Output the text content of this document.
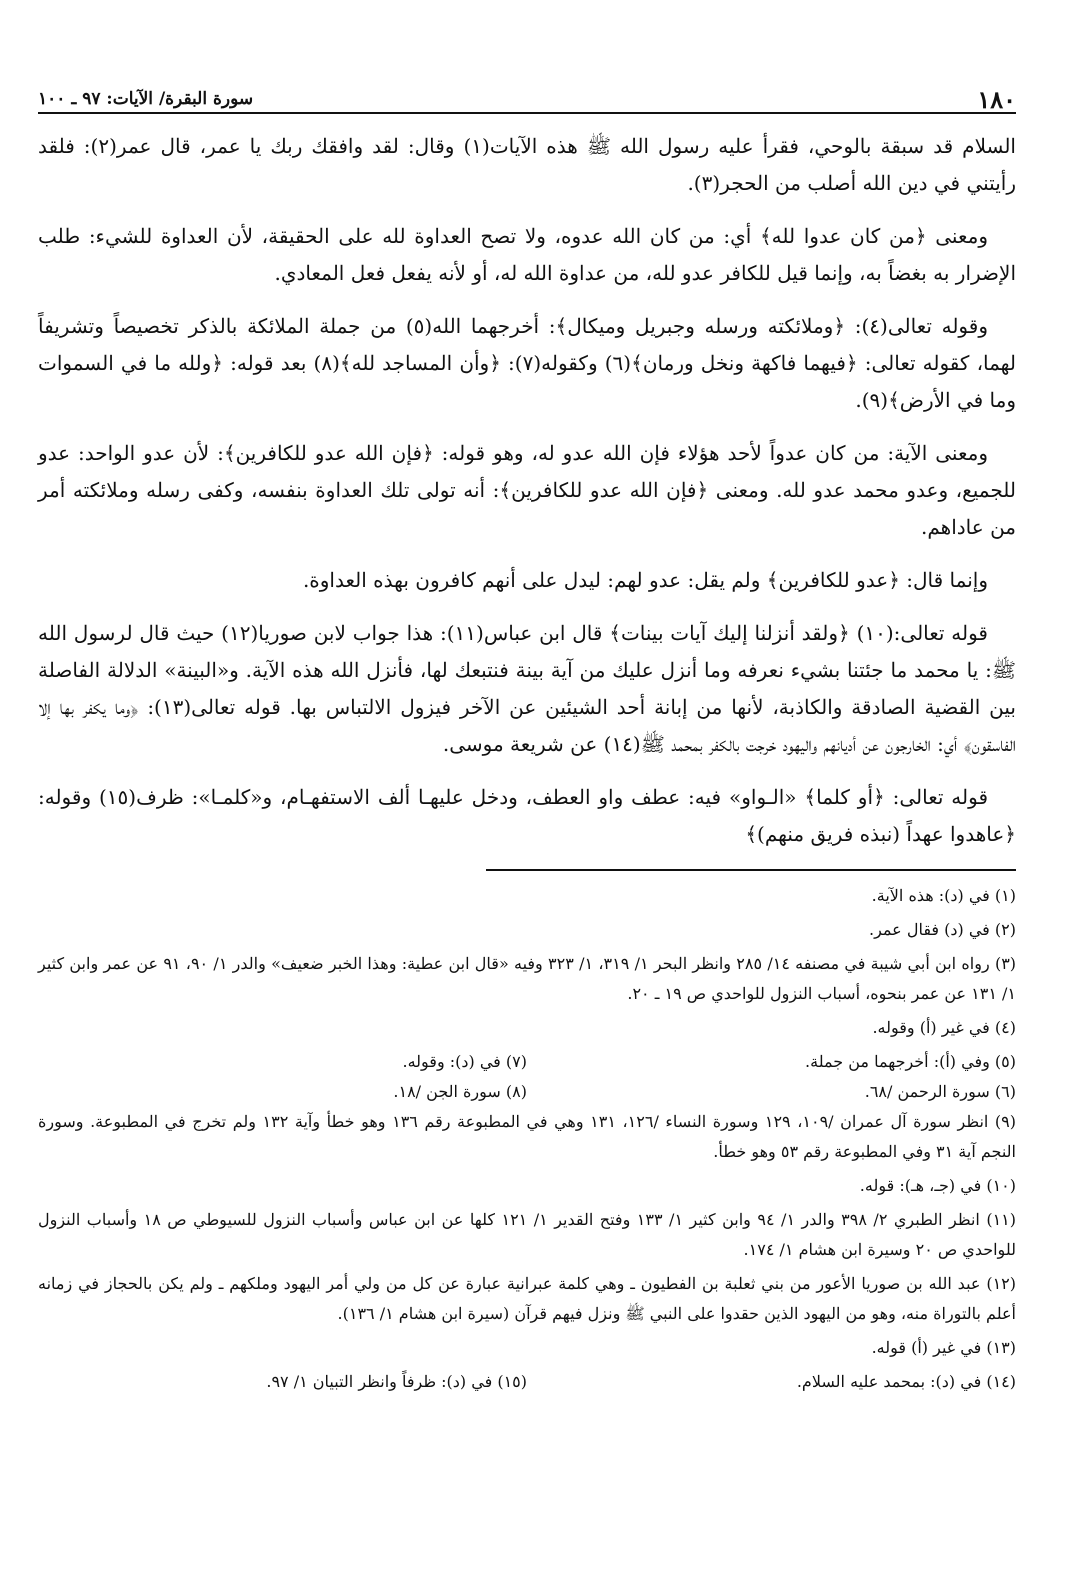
١٨٠
سورة البقرة/ الآيات: ٩٧ ـ ١٠٠

السلام قد سبقة بالوحي، فقرأ عليه رسول الله ﷺ هذه الآيات(١) وقال: لقد وافقك ربك يا عمر، قال عمر(٢): فلقد رأيتني في دين الله أصلب من الحجر(٣).

ومعنى ﴿من كان عدوا لله﴾ أي: من كان الله عدوه، ولا تصح العداوة لله على الحقيقة، لأن العداوة للشيء: طلب الإضرار به بغضاً به، وإنما قيل للكافر عدو لله، من عداوة الله له، أو لأنه يفعل فعل المعادي.

وقوله تعالى(٤): ﴿وملائكته ورسله وجبريل وميكال﴾: أخرجهما الله(٥) من جملة الملائكة بالذكر تخصيصاً وتشريفاً لهما، كقوله تعالى: ﴿فيهما فاكهة ونخل ورمان﴾(٦) وكقوله(٧): ﴿وأن المساجد لله﴾(٨) بعد قوله: ﴿ولله ما في السموات وما في الأرض﴾(٩).

ومعنى الآية: من كان عدواً لأحد هؤلاء فإن الله عدو له، وهو قوله: ﴿فإن الله عدو للكافرين﴾: لأن عدو الواحد: عدو للجميع، وعدو محمد عدو لله. ومعنى ﴿فإن الله عدو للكافرين﴾: أنه تولى تلك العداوة بنفسه، وكفى رسله وملائكته أمر من عاداهم.

وإنما قال: ﴿عدو للكافرين﴾ ولم يقل: عدو لهم: ليدل على أنهم كافرون بهذه العداوة.

قوله تعالى:(١٠) ﴿ولقد أنزلنا إليك آيات بينات﴾ قال ابن عباس(١١): هذا جواب لابن صوريا(١٢) حيث قال لرسول الله ﷺ: يا محمد ما جئتنا بشيء نعرفه وما أنزل عليك من آية بينة فنتبعك لها، فأنزل الله هذه الآية. و«البينة» الدلالة الفاصلة بين القضية الصادقة والكاذبة، لأنها من إبانة أحد الشيئين عن الآخر فيزول الالتباس بها. قوله تعالى(١٣): ﴿وما يكفر بها إلا الفاسقون﴾ أي: الخارجون عن أديانهم واليهود خرجت بالكفر بمحمد ﷺ(١٤) عن شريعة موسى.

قوله تعالى: ﴿أو كلما﴾ «الـواو» فيه: عطف واو العطف، ودخل عليهـا ألف الاستفهـام، و«كلمـا»: ظرف(١٥) وقوله: ﴿عاهدوا عهداً (نبذه فريق منهم)﴾

(١) في (د): هذه الآية.

(٢) في (د) فقال عمر.

(٣) رواه ابن أبي شيبة في مصنفه ١٤/ ٢٨٥ وانظر البحر ١/ ٣١٩، ١/ ٣٢٣ وفيه «قال ابن عطية: وهذا الخبر ضعيف» والدر ١/ ٩٠، ٩١ عن عمر وابن كثير ١/ ١٣١ عن عمر بنحوه، أسباب النزول للواحدي ص ١٩ ـ ٢٠.

(٤) في غير (أ) وقوله.

(٥) وفي (أ): أخرجهما من جملة.
(٧) في (د): وقوله.
(٦) سورة الرحمن /٦٨.
(٨) سورة الجن /١٨.

(٩) انظر سورة آل عمران /١٠٩، ١٢٩ وسورة النساء /١٢٦، ١٣١ وهي في المطبوعة رقم ١٣٦ وهو خطأ وآية ١٣٢ ولم تخرج في المطبوعة. وسورة النجم آية ٣١ وفي المطبوعة رقم ٥٣ وهو خطأ.

(١٠) في (جـ، هـ): قوله.

(١١) انظر الطبري ٢/ ٣٩٨ والدر ١/ ٩٤ وابن كثير ١/ ١٣٣ وفتح القدير ١/ ١٢١ كلها عن ابن عباس وأسباب النزول للسيوطي ص ١٨ وأسباب النزول للواحدي ص ٢٠ وسيرة ابن هشام ١/ ١٧٤.

(١٢) عبد الله بن صوريا الأعور من بني ثعلبة بن الفطيون ـ وهي كلمة عبرانية عبارة عن كل من ولي أمر اليهود وملكهم ـ ولم يكن بالحجاز في زمانه أعلم بالتوراة منه، وهو من اليهود الذين حقدوا على النبي ﷺ ونزل فيهم قرآن (سيرة ابن هشام ١/ ١٣٦).

(١٣) في غير (أ) قوله.

(١٤) في (د): بمحمد عليه السلام.
(١٥) في (د): ظرفاً وانظر التبيان ١/ ٩٧.
